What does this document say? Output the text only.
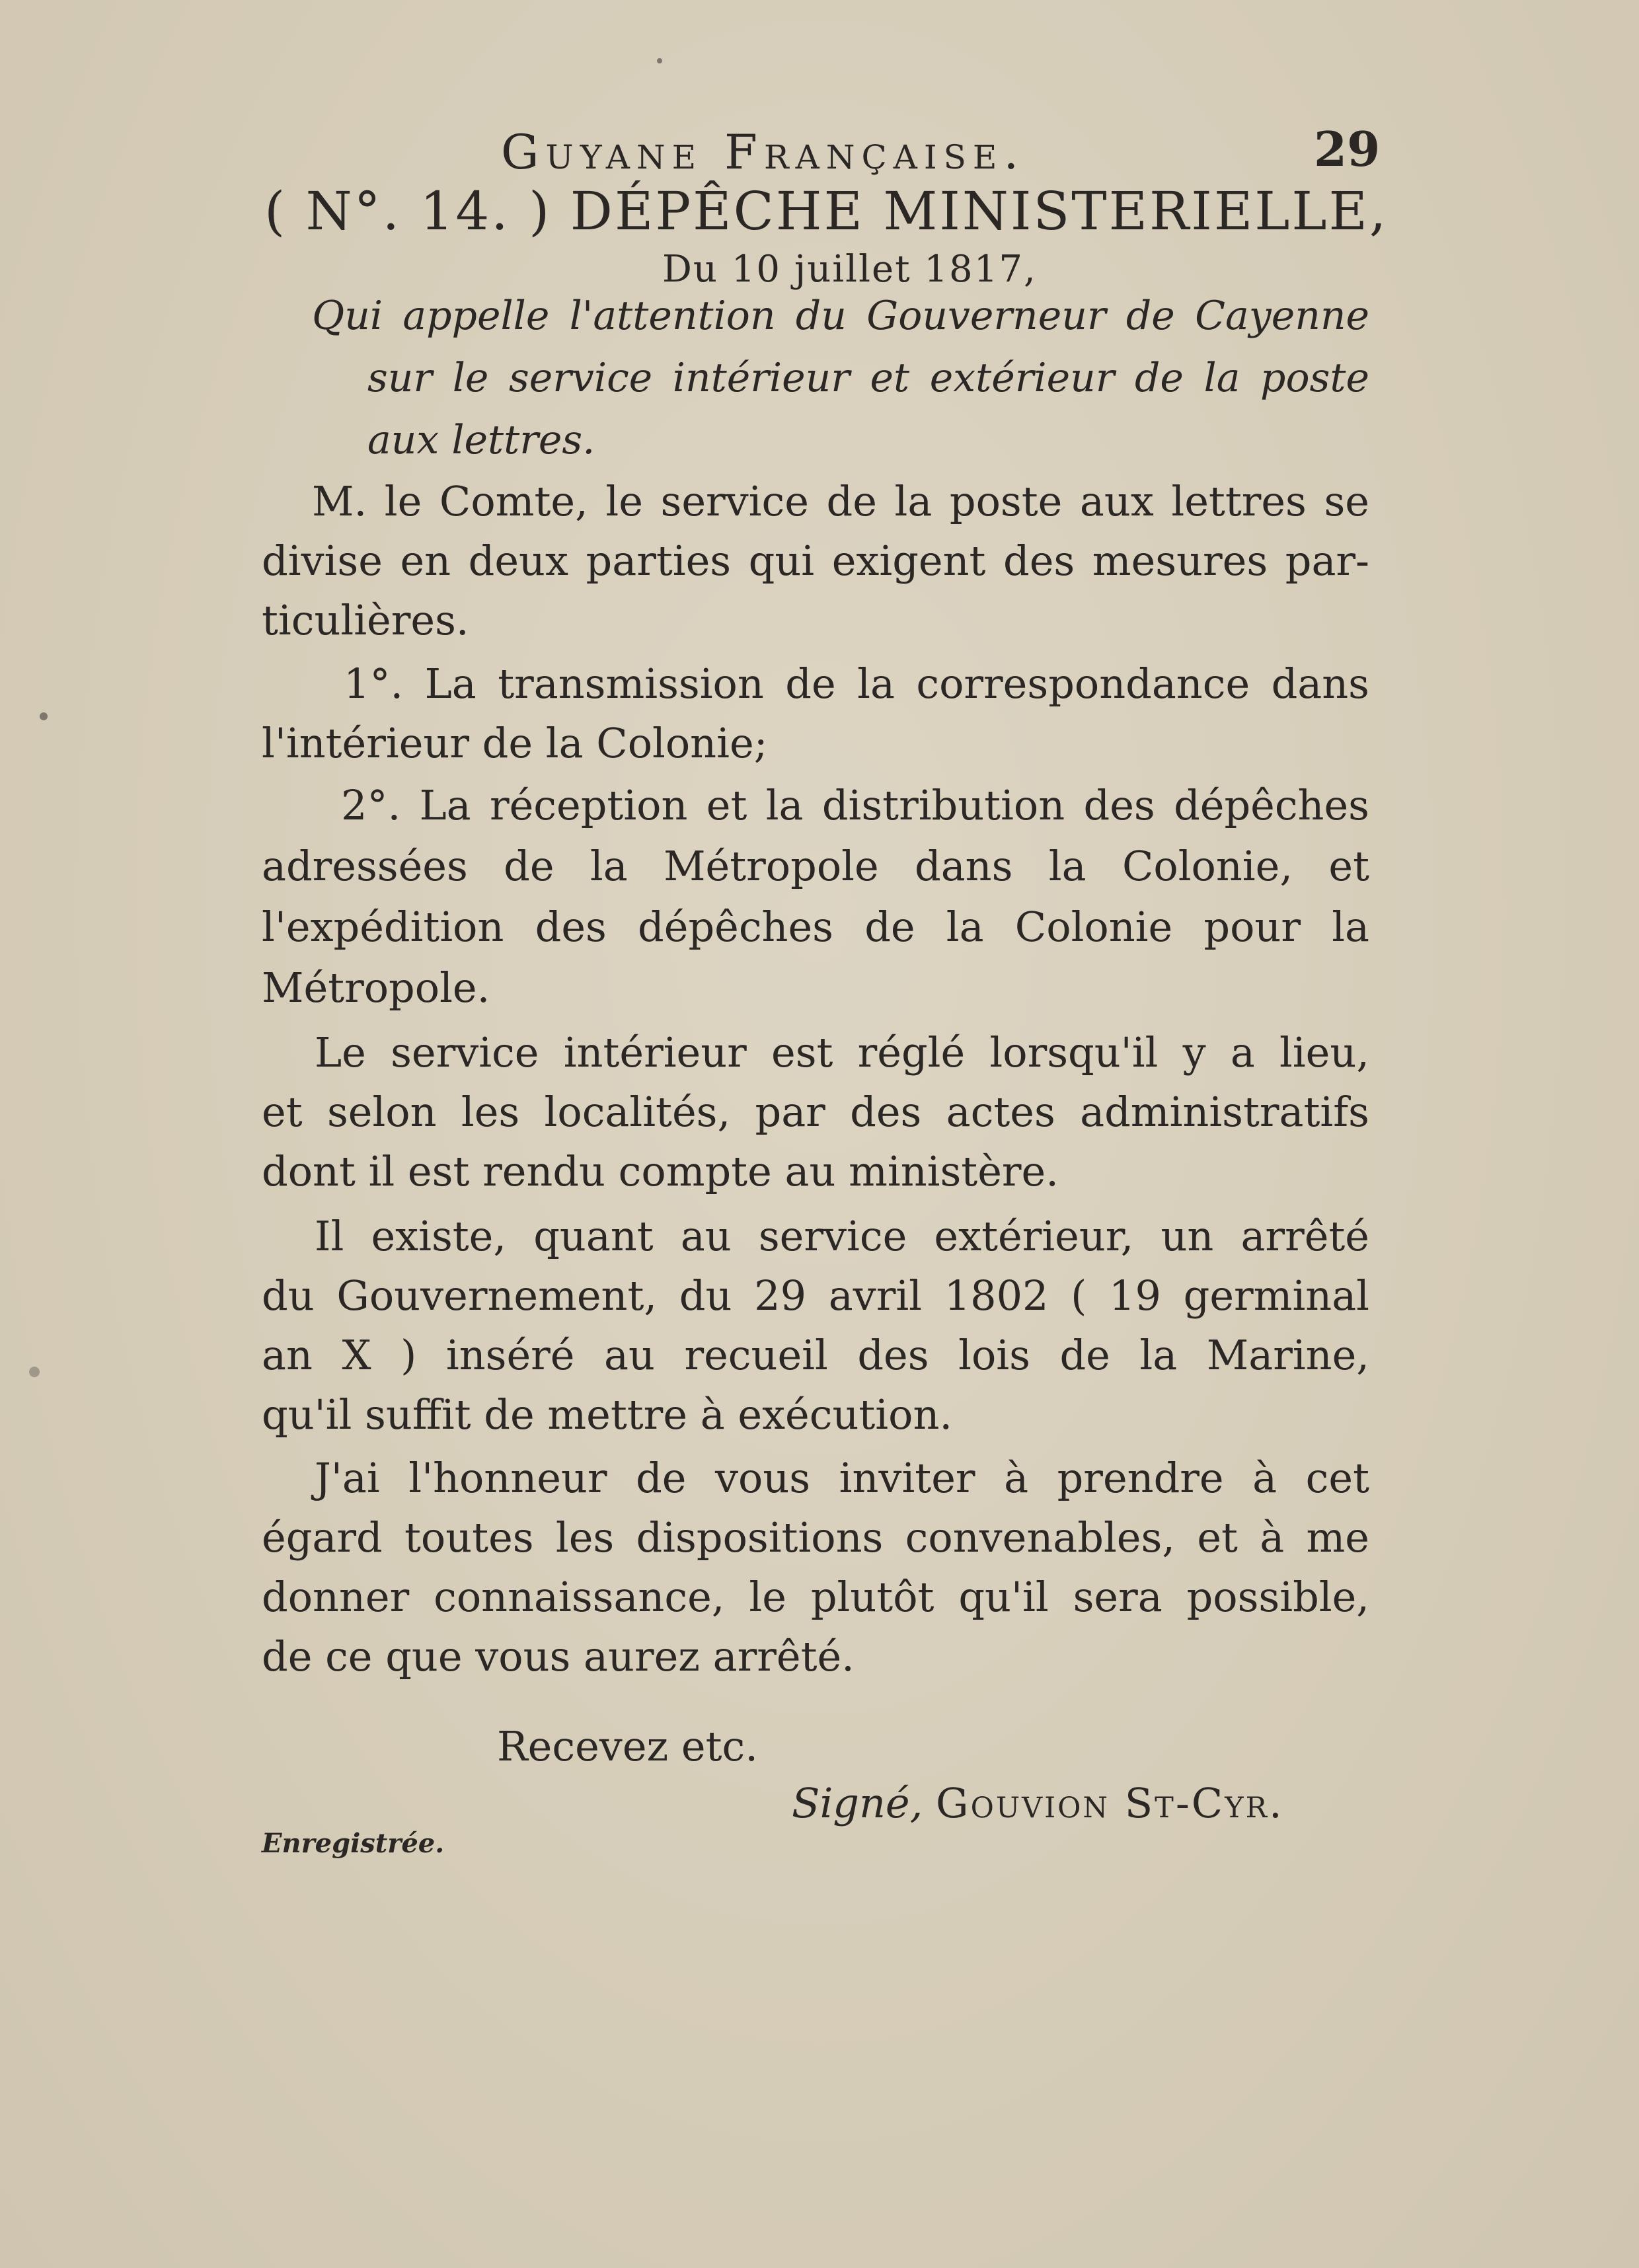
Guyane Française.	29
( N°. 14. ) DÉPÊCHE MINISTERIELLE,
Du 10 juillet 1817,
Qui appelle l'attention du Gouverneur de Cayenne
sur le service intérieur et extérieur de la poste
aux lettres.
M. le Comte, le service de la poste aux lettres se
divise en deux parties qui exigent des mesures par-
ticulières.
1°. La transmission de la correspondance dans
l'intérieur de la Colonie;
2°. La réception et la distribution des dépêches
adressées de la Métropole dans la Colonie, et
l'expédition des dépêches de la Colonie pour la
Métropole.
Le service intérieur est réglé lorsqu'il y a lieu,
et selon les localités, par des actes administratifs
dont il est rendu compte au ministère.
Il existe, quant au service extérieur, un arrêté
du Gouvernement, du 29 avril 1802 ( 19 germinal
an X ) inséré au recueil des lois de la Marine,
qu'il suffit de mettre à exécution.
J'ai l'honneur de vous inviter à prendre à cet
égard toutes les dispositions convenables, et à me
donner connaissance, le plutôt qu'il sera possible,
de ce que vous aurez arrêté.
Recevez etc.
Signé, Gouvion St-Cyr.
Enregistrée.
